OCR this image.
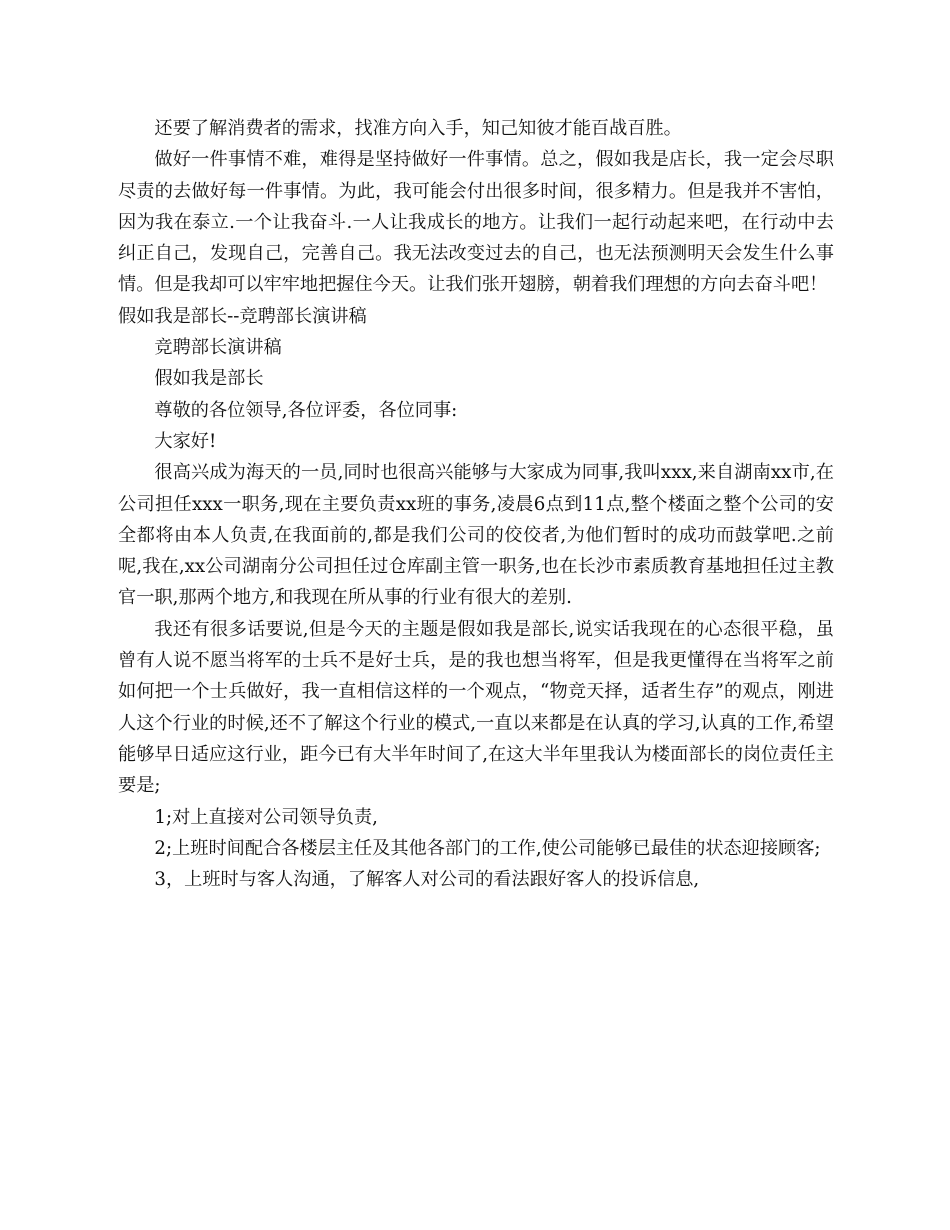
还要了解消费者的需求，找准方向入手，知己知彼才能百战百胜。

做好一件事情不难，难得是坚持做好一件事情。总之，假如我是店长，我一定会尽职尽责的去做好每一件事情。为此，我可能会付出很多时间，很多精力。但是我并不害怕，因为我在泰立.一个让我奋斗.一人让我成长的地方。让我们一起行动起来吧，在行动中去纠正自己，发现自己，完善自己。我无法改变过去的自己，也无法预测明天会发生什么事情。但是我却可以牢牢地把握住今天。让我们张开翅膀，朝着我们理想的方向去奋斗吧！

假如我是部长--竞聘部长演讲稿

竞聘部长演讲稿

假如我是部长

尊敬的各位领导,各位评委，各位同事:

大家好!

很高兴成为海天的一员,同时也很高兴能够与大家成为同事,我叫xxx,来自湖南xx市,在公司担任xxx一职务,现在主要负责xx班的事务,凌晨6点到11点,整个楼面之整个公司的安全都将由本人负责,在我面前的,都是我们公司的佼佼者,为他们暂时的成功而鼓掌吧.之前呢,我在,xx公司湖南分公司担任过仓库副主管一职务,也在长沙市素质教育基地担任过主教官一职,那两个地方,和我现在所从事的行业有很大的差别.

我还有很多话要说,但是今天的主题是假如我是部长,说实话我现在的心态很平稳，虽曾有人说不愿当将军的士兵不是好士兵，是的我也想当将军，但是我更懂得在当将军之前如何把一个士兵做好，我一直相信这样的一个观点，“物竞天择，适者生存”的观点，刚进人这个行业的时候,还不了解这个行业的模式,一直以来都是在认真的学习,认真的工作,希望能够早日适应这行业，距今已有大半年时间了,在这大半年里我认为楼面部长的岗位责任主要是;

1;对上直接对公司领导负责,

2;上班时间配合各楼层主任及其他各部门的工作,使公司能够已最佳的状态迎接顾客;

3，上班时与客人沟通，了解客人对公司的看法跟好客人的投诉信息,
